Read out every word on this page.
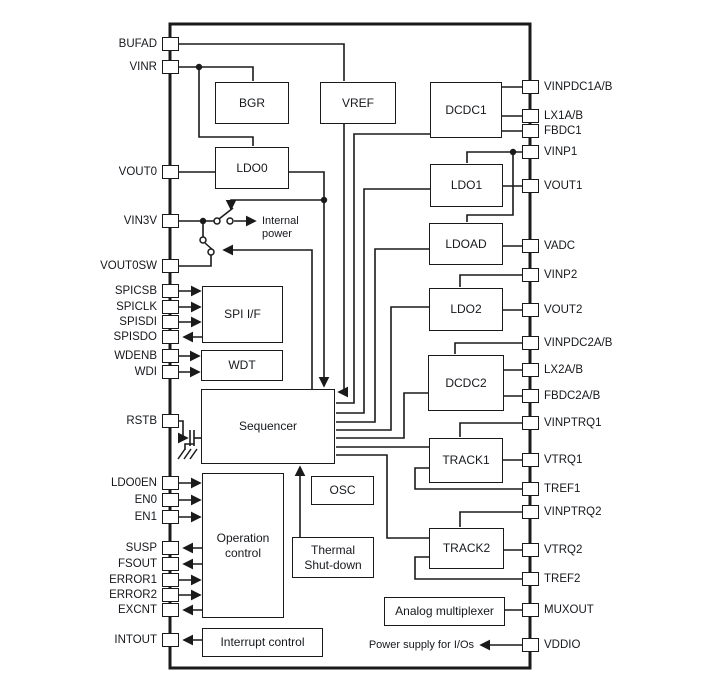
BGR	VREF	DCDC1
LDO0
LDO1
LDOAD
LDO2
SPI I/F
WDT
Sequencer
DCDC2
OSC
Operation control	Thermal Shut-down
TRACK1
TRACK2
Analog multiplexer
Interrupt control
Internal power
Power supply for I/Os
BUFAD
VINR
VOUT0
VIN3V
VOUT0SW
SPICSB
SPICLK
SPISDI
SPISDO
WDENB
WDI
RSTB
LDO0EN
EN0
EN1
SUSP
FSOUT
ERROR1
ERROR2
EXCNT
INTOUT
VINPDC1A/B
LX1A/B
FBDC1
VINP1
VOUT1
VADC
VINP2
VOUT2
VINPDC2A/B
LX2A/B
FBDC2A/B
VINPTRQ1
VTRQ1
TREF1
VINPTRQ2
VTRQ2
TREF2
MUXOUT
VDDIO
